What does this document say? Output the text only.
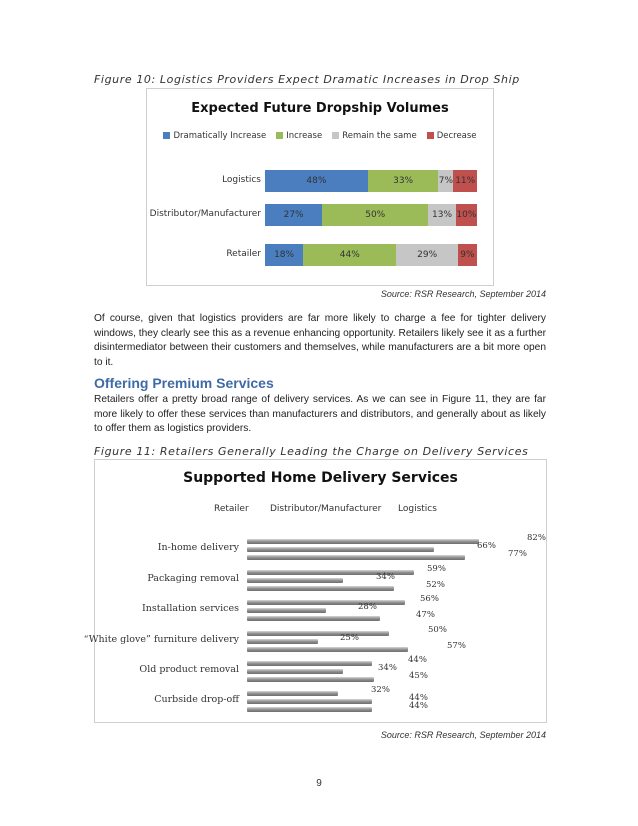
Figure 10: Logistics Providers Expect Dramatic Increases in Drop Ship
Expected Future Dropship Volumes
Dramatically Increase Increase Remain the same Decrease
Logistics	48%	33%	7% 11%
Distributor/Manufacturer	27%	50%	13% 10%
Retailer	18%	44%	29%	9%
Source: RSR Research, September 2014
Of course, given that logistics providers are far more likely to charge a fee for tighter delivery windows, they clearly see this as a revenue enhancing opportunity. Retailers likely see it as a further disintermediator between their customers and themselves, while manufacturers are a bit more open to it.
Offering Premium Services
Retailers offer a pretty broad range of delivery services. As we can see in Figure 11, they are far more likely to offer these services than manufacturers and distributors, and generally about as likely to offer them as logistics providers.
Figure 11: Retailers Generally Leading the Charge on Delivery Services
Supported Home Delivery Services
Retailer Distributor/Manufacturer Logistics
In-home delivery
82%
66%
77%
Packaging removal
59%
34%
52%
Installation services
56%
28%
47%
“White glove” furniture delivery
50%
25%
57%
Old product removal
44%
34%
45%
Curbside drop-off
32%
44%
44%
Source: RSR Research, September 2014
9
